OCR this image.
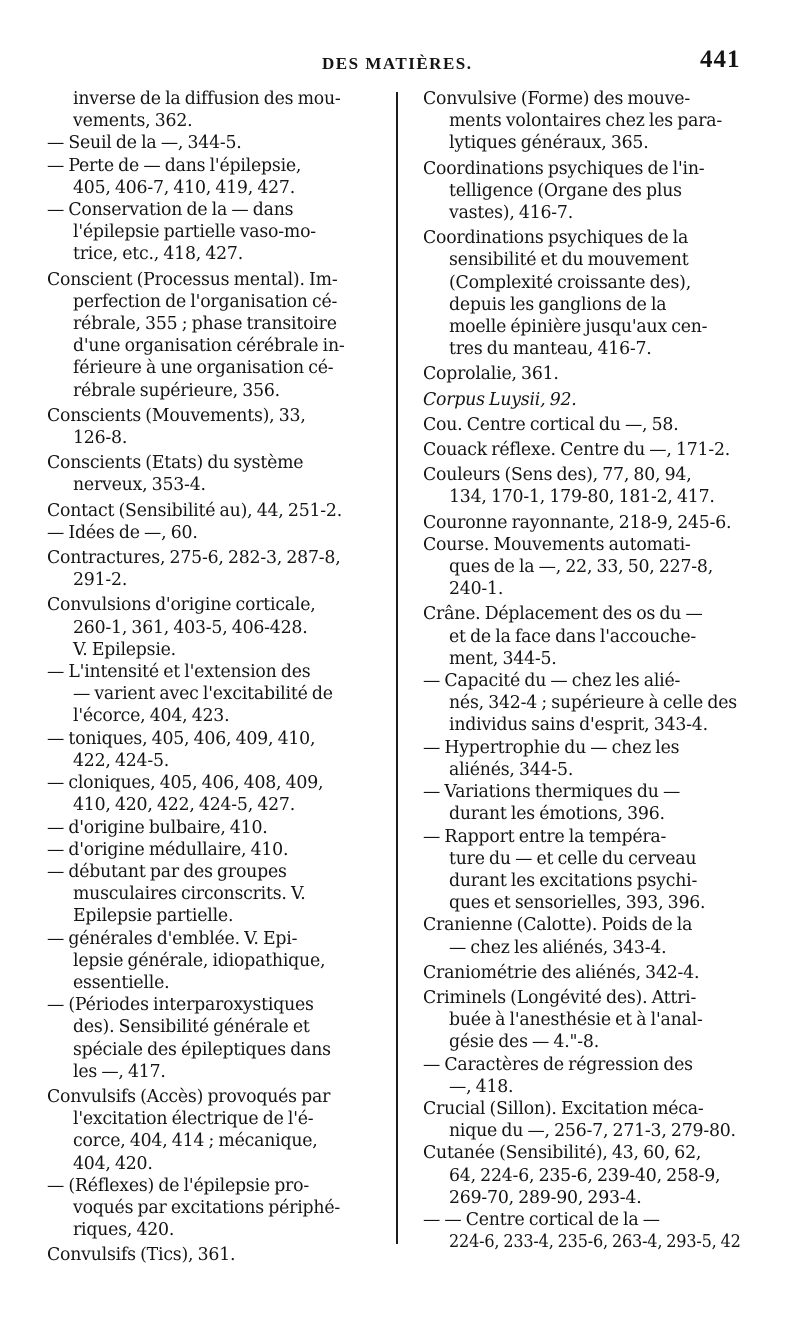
DES MATIÈRES.	441
inverse de la diffusion des mou-
vements, 362.
— Seuil de la —, 344-5.
— Perte de — dans l'épilepsie,
405, 406-7, 410, 419, 427.
— Conservation de la — dans
l'épilepsie partielle vaso-mo-
trice, etc., 418, 427.
Conscient (Processus mental). Im-
perfection de l'organisation cé-
rébrale, 355 ; phase transitoire
d'une organisation cérébrale in-
férieure à une organisation cé-
rébrale supérieure, 356.
Conscients (Mouvements), 33,
126-8.
Conscients (Etats) du système
nerveux, 353-4.
Contact (Sensibilité au), 44, 251-2.
— Idées de —, 60.
Contractures, 275-6, 282-3, 287-8,
291-2.
Convulsions d'origine corticale,
260-1, 361, 403-5, 406-428.
V. Epilepsie.
— L'intensité et l'extension des
— varient avec l'excitabilité de
l'écorce, 404, 423.
— toniques, 405, 406, 409, 410,
422, 424-5.
— cloniques, 405, 406, 408, 409,
410, 420, 422, 424-5, 427.
— d'origine bulbaire, 410.
— d'origine médullaire, 410.
— débutant par des groupes
musculaires circonscrits. V.
Epilepsie partielle.
— générales d'emblée. V. Epi-
lepsie générale, idiopathique,
essentielle.
— (Périodes interparoxystiques
des). Sensibilité générale et
spéciale des épileptiques dans
les —, 417.
Convulsifs (Accès) provoqués par
l'excitation électrique de l'é-
corce, 404, 414 ; mécanique,
404, 420.
— (Réflexes) de l'épilepsie pro-
voqués par excitations périphé-
riques, 420.
Convulsifs (Tics), 361.
Convulsive (Forme) des mouve-
ments volontaires chez les para-
lytiques généraux, 365.
Coordinations psychiques de l'in-
telligence (Organe des plus
vastes), 416-7.
Coordinations psychiques de la
sensibilité et du mouvement
(Complexité croissante des),
depuis les ganglions de la
moelle épinière jusqu'aux cen-
tres du manteau, 416-7.
Coprolalie, 361.
Corpus Luysii, 92.
Cou. Centre cortical du —, 58.
Couack réflexe. Centre du —, 171-2.
Couleurs (Sens des), 77, 80, 94,
134, 170-1, 179-80, 181-2, 417.
Couronne rayonnante, 218-9, 245-6.
Course. Mouvements automati-
ques de la —, 22, 33, 50, 227-8,
240-1.
Crâne. Déplacement des os du —
et de la face dans l'accouche-
ment, 344-5.
— Capacité du — chez les alié-
nés, 342-4 ; supérieure à celle des
individus sains d'esprit, 343-4.
— Hypertrophie du — chez les
aliénés, 344-5.
— Variations thermiques du —
durant les émotions, 396.
— Rapport entre la tempéra-
ture du — et celle du cerveau
durant les excitations psychi-
ques et sensorielles, 393, 396.
Cranienne (Calotte). Poids de la
— chez les aliénés, 343-4.
Craniométrie des aliénés, 342-4.
Criminels (Longévité des). Attri-
buée à l'anesthésie et à l'anal-
gésie des — 4."-8.
— Caractères de régression des
—, 418.
Crucial (Sillon). Excitation méca-
nique du —, 256-7, 271-3, 279-80.
Cutanée (Sensibilité), 43, 60, 62,
64, 224-6, 235-6, 239-40, 258-9,
269-70, 289-90, 293-4.
— — Centre cortical de la —
224-6, 233-4, 235-6, 263-4, 293-5, 42
